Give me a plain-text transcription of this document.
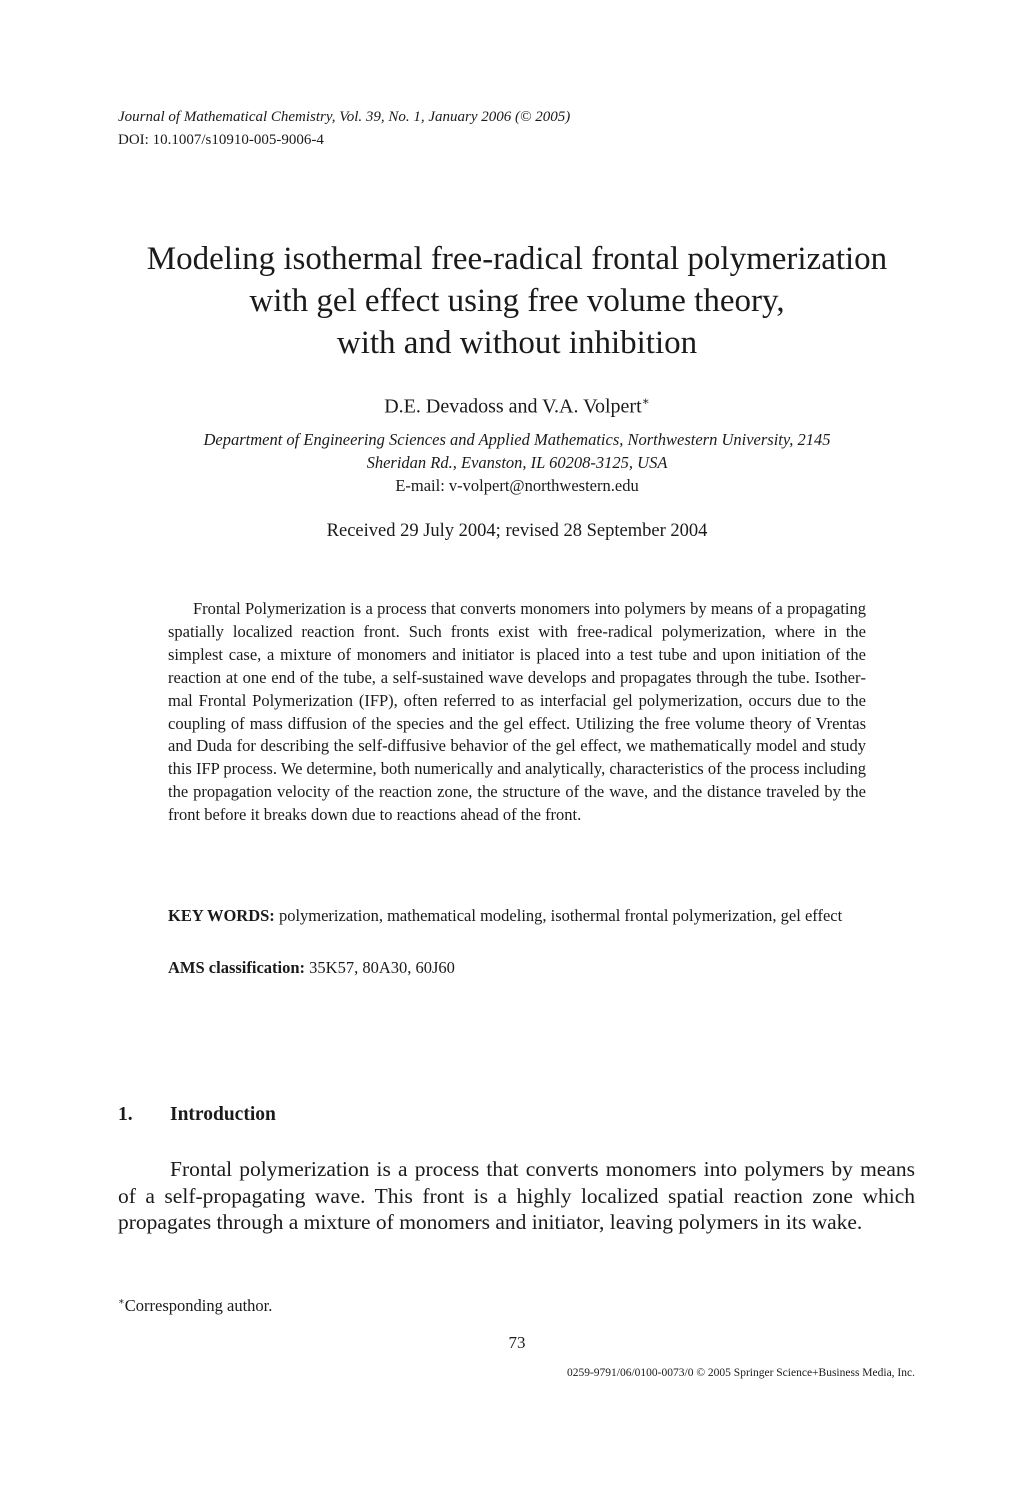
Journal of Mathematical Chemistry, Vol. 39, No. 1, January 2006 (© 2005)
DOI: 10.1007/s10910-005-9006-4
Modeling isothermal free-radical frontal polymerization
with gel effect using free volume theory,
with and without inhibition
D.E. Devadoss and V.A. Volpert∗
Department of Engineering Sciences and Applied Mathematics, Northwestern University, 2145
Sheridan Rd., Evanston, IL 60208-3125, USA
E-mail: v-volpert@northwestern.edu
Received 29 July 2004; revised 28 September 2004

Frontal Polymerization is a process that converts monomers into polymers by means of a propagating spatially localized reaction front. Such fronts exist with free-radical polymerization, where in the simplest case, a mixture of monomers and initiator is placed into a test tube and upon initiation of the reaction at one end of the tube, a self-sustained wave develops and propagates through the tube. Isothermal Frontal Polymerization (IFP), often referred to as interfacial gel polymerization, occurs due to the coupling of mass diffusion of the species and the gel effect. Utilizing the free volume theory of Vrentas and Duda for describing the self-diffusive behavior of the gel effect, we mathematically model and study this IFP process. We determine, both numerically and analytically, characteristics of the process including the propagation velocity of the reaction zone, the structure of the wave, and the distance traveled by the front before it breaks down due to reactions ahead of the front.

KEY WORDS: polymerization, mathematical modeling, isothermal frontal polymerization, gel effect
AMS classification: 35K57, 80A30, 60J60
1. Introduction

Frontal polymerization is a process that converts monomers into polymers by means of a self-propagating wave. This front is a highly localized spatial reaction zone which propagates through a mixture of monomers and initiator, leaving polymers in its wake.

∗Corresponding author.
73
0259-9791/06/0100-0073/0 © 2005 Springer Science+Business Media, Inc.
